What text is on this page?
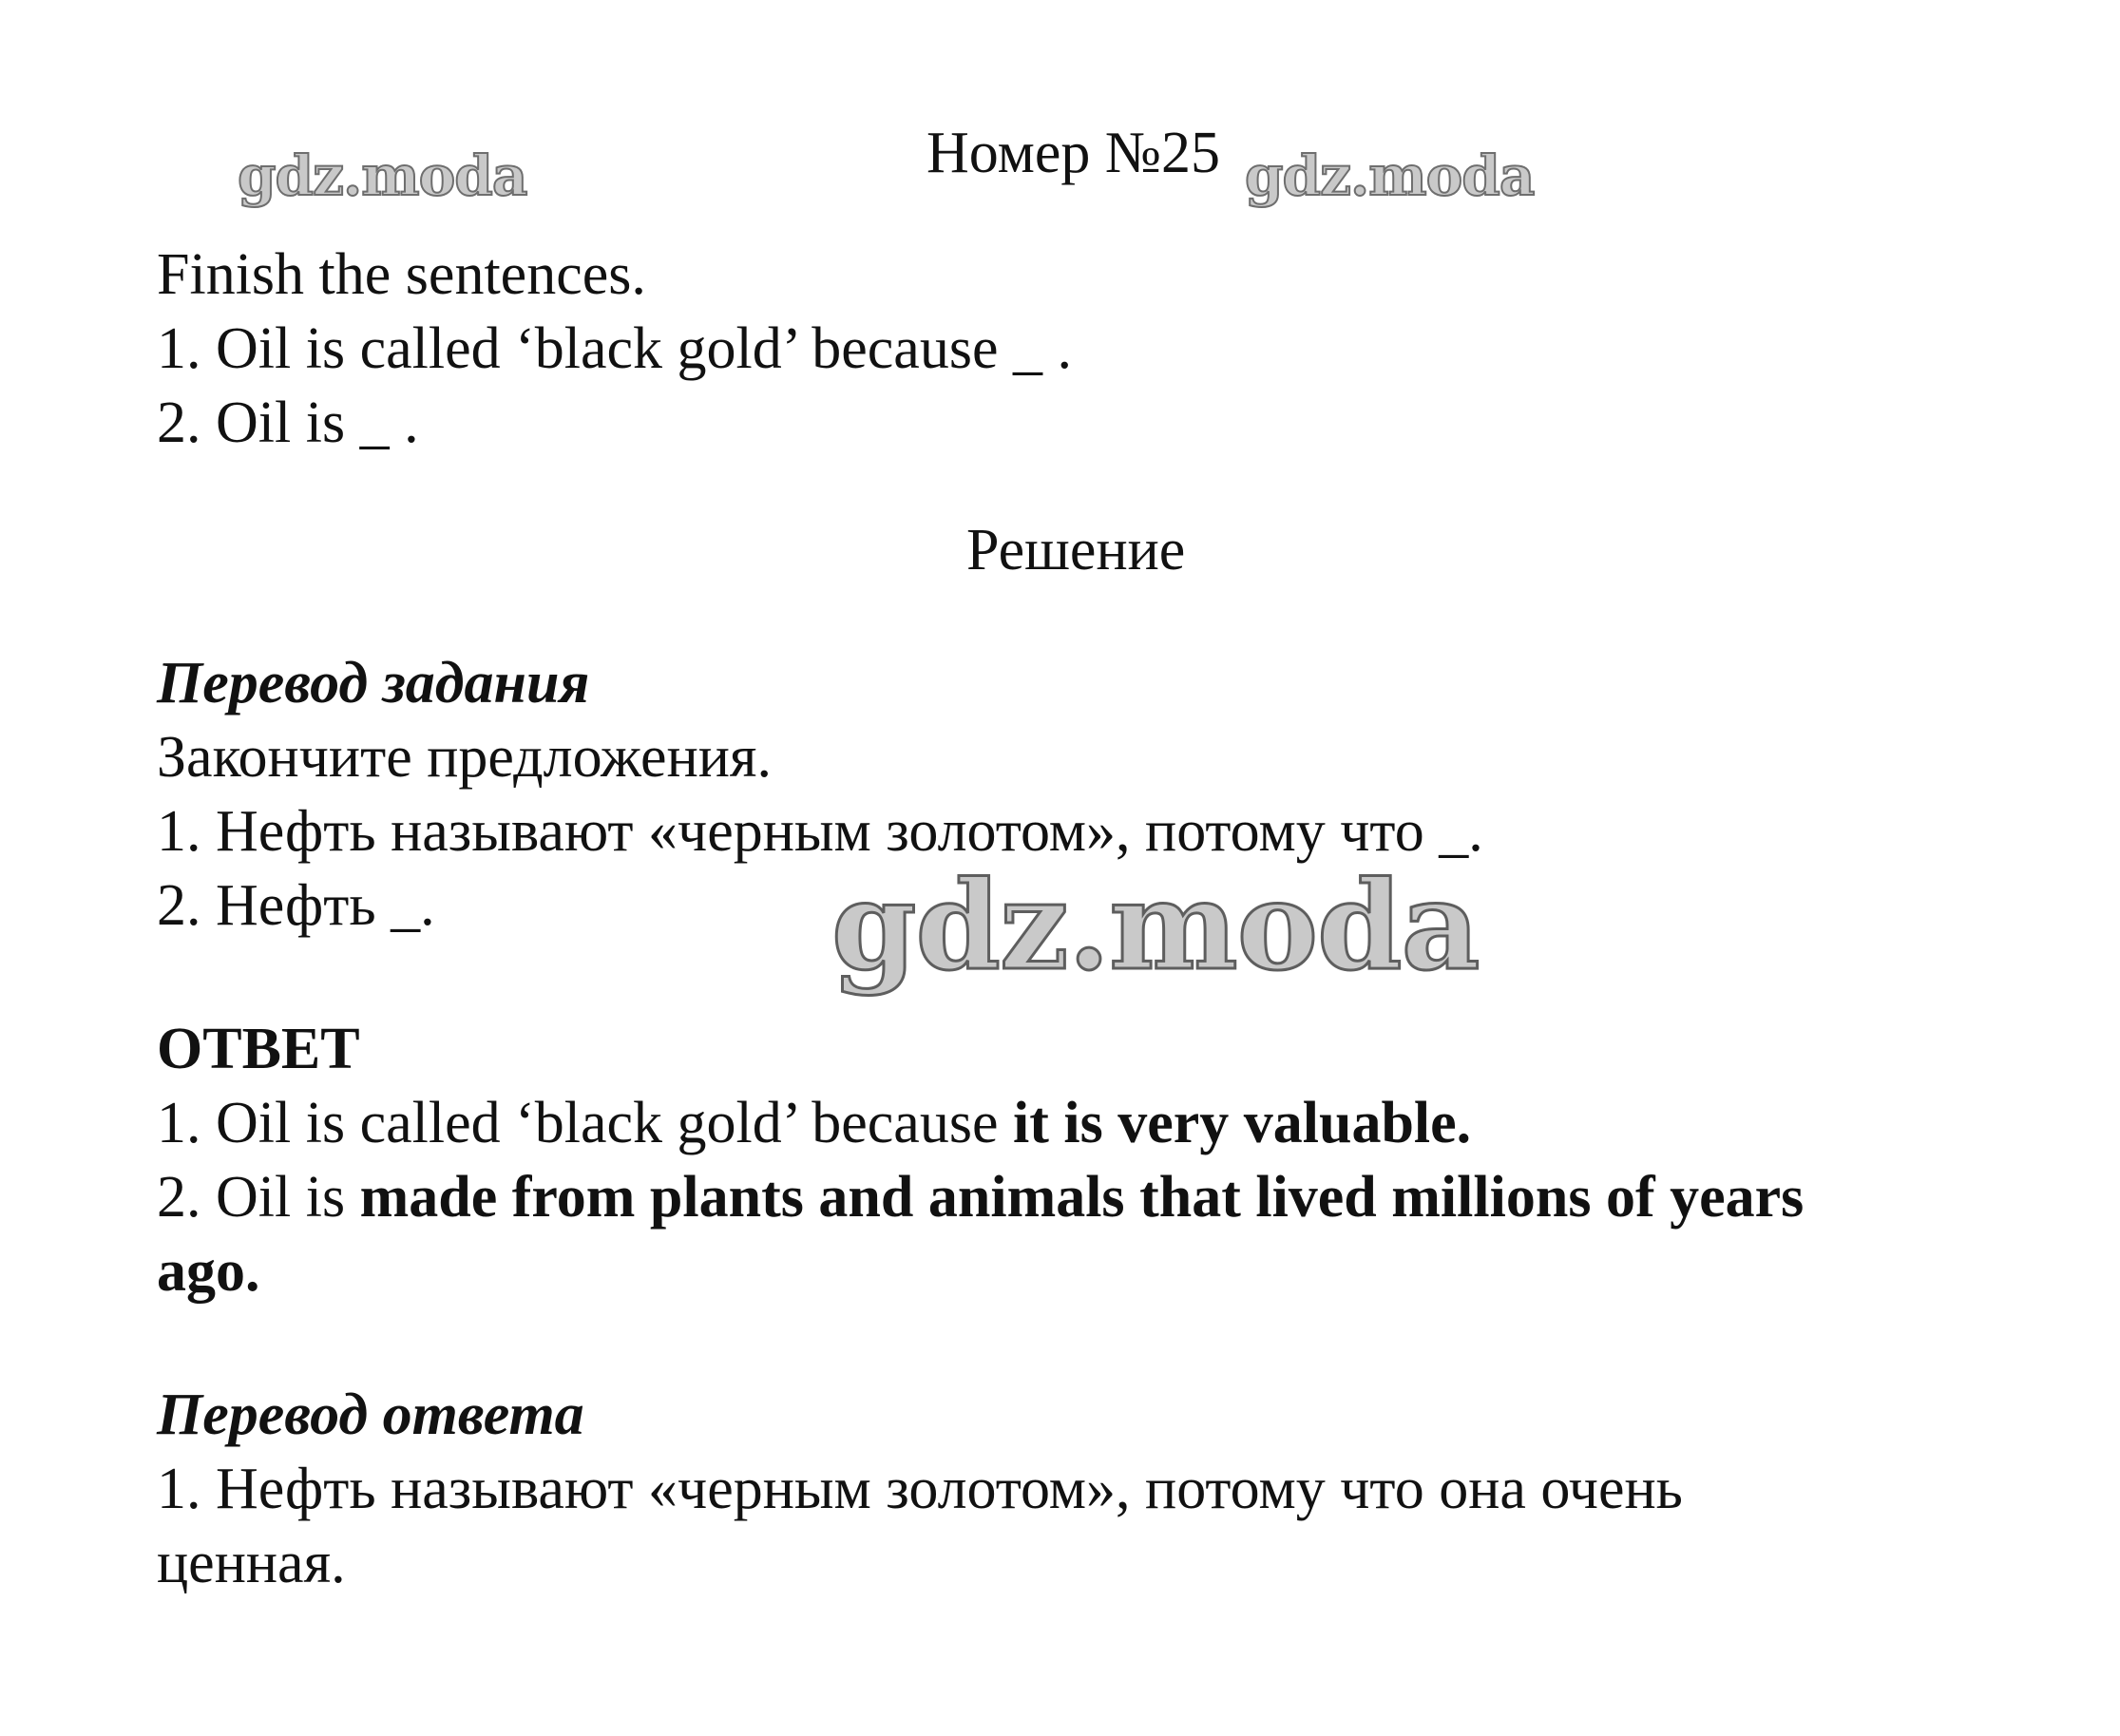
gdz.moda	gdz.moda
gdz.moda
Номер №25
Finish the sentences.
1. Oil is called ‘black gold’ because _ .
2. Oil is _ .
Решение
Перевод задания
Закончите предложения.
1. Нефть называют «черным золотом», потому что _.
2. Нефть _.
ОТВЕТ
1. Oil is called ‘black gold’ because it is very valuable.
2. Oil is made from plants and animals that lived millions of years
ago.
Перевод ответа
1. Нефть называют «черным золотом», потому что она очень
ценная.
